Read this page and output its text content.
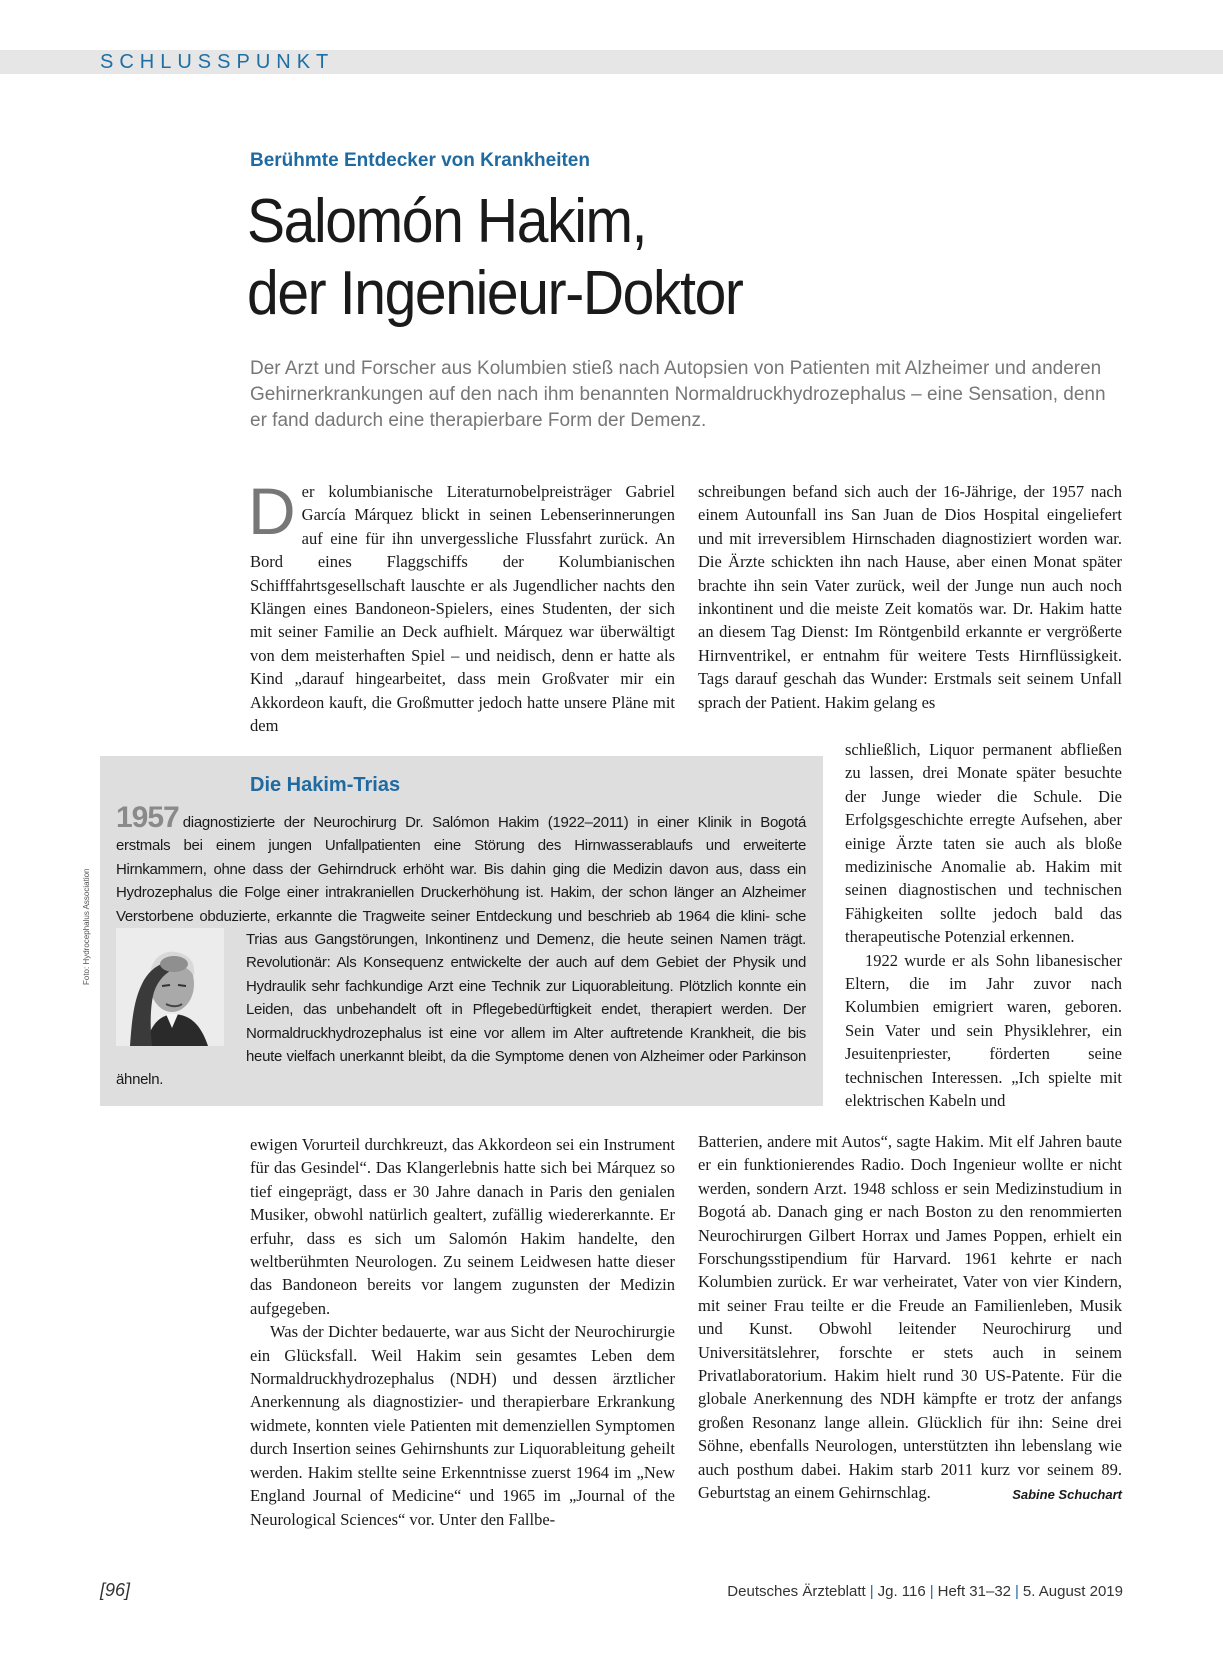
SCHLUSSPUNKT
Berühmte Entdecker von Krankheiten
Salomón Hakim,
der Ingenieur-Doktor
Der Arzt und Forscher aus Kolumbien stieß nach Autopsien von Patienten mit Alzheimer und anderen Gehirnerkrankungen auf den nach ihm benannten Normaldruckhydrozephalus – eine Sensation, denn er fand dadurch eine therapierbare Form der Demenz.

Der kolumbianische Literaturnobelpreisträger Gabriel García Márquez blickt in seinen Lebenserinnerungen auf eine für ihn unvergessliche Flussfahrt zurück. An Bord eines Flaggschiffs der Kolumbianischen Schifffahrtsgesellschaft lauschte er als Jugendlicher nachts den Klängen eines Bandoneon-Spielers, eines Studenten, der sich mit seiner Familie an Deck aufhielt. Márquez war überwältigt von dem meisterhaften Spiel – und neidisch, denn er hatte als Kind „darauf hingearbeitet, dass mein Großvater mir ein Akkordeon kauft, die Großmutter jedoch hatte unsere Pläne mit dem

schreibungen befand sich auch der 16-Jährige, der 1957 nach einem Autounfall ins San Juan de Dios Hospital eingeliefert und mit irreversiblem Hirnschaden diagnostiziert worden war. Die Ärzte schickten ihn nach Hause, aber einen Monat später brachte ihn sein Vater zurück, weil der Junge nun auch noch inkontinent und die meiste Zeit komatös war. Dr. Hakim hatte an diesem Tag Dienst: Im Röntgenbild erkannte er vergrößerte Hirnventrikel, er entnahm für weitere Tests Hirnflüssigkeit. Tags darauf geschah das Wunder: Erstmals seit seinem Unfall sprach der Patient. Hakim gelang es

schließlich, Liquor permanent abfließen zu lassen, drei Monate später besuchte der Junge wieder die Schule. Die Erfolgsgeschichte erregte Aufsehen, aber einige Ärzte taten sie auch als bloße medizinische Anomalie ab. Hakim mit seinen diagnostischen und technischen Fähigkeiten sollte jedoch bald das therapeutische Potenzial erkennen.

1922 wurde er als Sohn libanesischer Eltern, die im Jahr zuvor nach Kolumbien emigriert waren, geboren. Sein Vater und sein Physiklehrer, ein Jesuitenpriester, förderten seine technischen Interessen. „Ich spielte mit elektrischen Kabeln und

Die Hakim-Trias
1957 diagnostizierte der Neurochirurg Dr. Salómon Hakim (1922–2011) in einer Klinik in Bogotá erstmals bei einem jungen Unfallpatienten eine Störung des Hirnwasserablaufs und erweiterte Hirnkammern, ohne dass der Gehirndruck erhöht war. Bis dahin ging die Medizin davon aus, dass ein Hydrozephalus die Folge einer intrakraniellen Druckerhöhung ist. Hakim, der schon länger an Alzheimer Verstorbene obduzierte, erkannte die Tragweite seiner Entdeckung und beschrieb ab 1964 die klini- sche Trias aus Gangstörungen, Inkontinenz und Demenz, die heute seinen Namen trägt. Revolutionär: Als Konsequenz entwickelte der auch auf dem Gebiet der Physik und Hydraulik sehr fachkundige Arzt eine Technik zur Liquorableitung. Plötzlich konnte ein Leiden, das unbehandelt oft in Pflegebedürftigkeit endet, therapiert werden. Der Normaldruckhydrozephalus ist eine vor allem im Alter auftretende Krankheit, die bis heute vielfach unerkannt bleibt, da die Symptome denen von Alzheimer oder Parkinson ähneln.
Foto: Hydrocephalus Association

ewigen Vorurteil durchkreuzt, das Akkordeon sei ein Instrument für das Gesindel“. Das Klangerlebnis hatte sich bei Márquez so tief eingeprägt, dass er 30 Jahre danach in Paris den genialen Musiker, obwohl natürlich gealtert, zufällig wiedererkannte. Er erfuhr, dass es sich um Salomón Hakim handelte, den weltberühmten Neurologen. Zu seinem Leidwesen hatte dieser das Bandoneon bereits vor langem zugunsten der Medizin aufgegeben.

Was der Dichter bedauerte, war aus Sicht der Neurochirurgie ein Glücksfall. Weil Hakim sein gesamtes Leben dem Normaldruckhydrozephalus (NDH) und dessen ärztlicher Anerkennung als diagnostizier- und therapierbare Erkrankung widmete, konnten viele Patienten mit demenziellen Symptomen durch Insertion seines Gehirnshunts zur Liquorableitung geheilt werden. Hakim stellte seine Erkenntnisse zuerst 1964 im „New England Journal of Medicine“ und 1965 im „Journal of the Neurological Sciences“ vor. Unter den Fallbe-

Batterien, andere mit Autos“, sagte Hakim. Mit elf Jahren baute er ein funktionierendes Radio. Doch Ingenieur wollte er nicht werden, sondern Arzt. 1948 schloss er sein Medizinstudium in Bogotá ab. Danach ging er nach Boston zu den renommierten Neurochirurgen Gilbert Horrax und James Poppen, erhielt ein Forschungsstipendium für Harvard. 1961 kehrte er nach Kolumbien zurück. Er war verheiratet, Vater von vier Kindern, mit seiner Frau teilte er die Freude an Familienleben, Musik und Kunst. Obwohl leitender Neurochirurg und Universitätslehrer, forschte er stets auch in seinem Privatlaboratorium. Hakim hielt rund 30 US-Patente. Für die globale Anerkennung des NDH kämpfte er trotz der anfangs großen Resonanz lange allein. Glücklich für ihn: Seine drei Söhne, ebenfalls Neurologen, unterstützten ihn lebenslang wie auch posthum dabei. Hakim starb 2011 kurz vor seinem 89. Geburtstag an einem Gehirnschlag.	Sabine Schuchart

[96]	Deutsches Ärzteblatt | Jg. 116 | Heft 31–32 | 5. August 2019
